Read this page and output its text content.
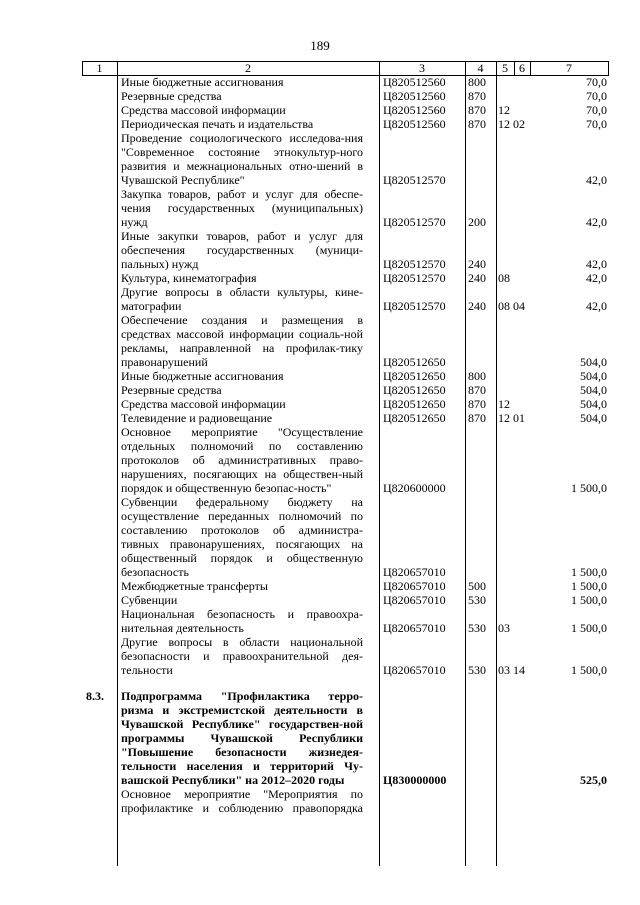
189
1	2	3	4	5 6	7
Иные бюджетные ассигнования	Ц820512560 800	70,0
Резервные средства	Ц820512560 870	70,0
Средства массовой информации	Ц820512560 870 12	70,0
Периодическая печать и издательства	Ц820512560 870 12 02	70,0
Проведение социологического исследова-ния "Современное состояние этнокультур-ного развития и межнациональных отно-шений в Чувашской Республике"	Ц820512570	42,0
Закупка товаров, работ и услуг для обеспе-чения государственных (муниципальных) нужд	Ц820512570 200	42,0
Иные закупки товаров, работ и услуг для обеспечения государственных (муници-пальных) нужд	Ц820512570 240	42,0
Культура, кинематография	Ц820512570 240 08	42,0
Другие вопросы в области культуры, кине-матографии	Ц820512570 240 08 04	42,0
Обеспечение создания и размещения в средствах массовой информации социаль-ной рекламы, направленной на профилак-тику правонарушений	Ц820512650	504,0
Иные бюджетные ассигнования	Ц820512650 800	504,0
Резервные средства	Ц820512650 870	504,0
Средства массовой информации	Ц820512650 870 12	504,0
Телевидение и радиовещание	Ц820512650 870 12 01	504,0
Основное мероприятие "Осуществление отдельных полномочий по составлению протоколов об административных право-нарушениях, посягающих на обществен-ный порядок и общественную безопас-ность"	Ц820600000	1 500,0
Субвенции федеральному бюджету на осуществление переданных полномочий по составлению протоколов об администра-тивных правонарушениях, посягающих на общественный порядок и общественную безопасность	Ц820657010	1 500,0
Межбюджетные трансферты	Ц820657010 500	1 500,0
Субвенции	Ц820657010 530	1 500,0
Национальная безопасность и правоохра-нительная деятельность	Ц820657010 530 03	1 500,0
Другие вопросы в области национальной безопасности и правоохранительной дея-тельности	Ц820657010 530 03 14	1 500,0
8.3. Подпрограмма "Профилактика терро-ризма и экстремистской деятельности в Чувашской Республике" государствен-ной программы Чувашской Республики "Повышение безопасности жизнедея-тельности населения и территорий Чу-вашской Республики" на 2012–2020 годы	Ц830000000	525,0
Основное мероприятие "Мероприятия по профилактике и соблюдению правопорядка
